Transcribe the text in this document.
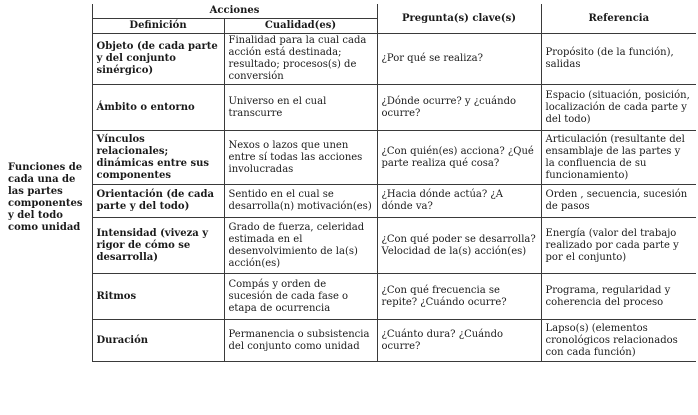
	Acciones		Pregunta(s) clave(s)	Referencia
	Definición	Cualidad(es)		
Funciones de cada una de las partes componentes y del todo como unidad	Objeto (de cada parte y del conjunto sinérgico)	Finalidad para la cual cada acción está destinada; resultado; procesos(s) de conversión	¿Por qué se realiza?	Propósito (de la función), salidas
	Ámbito o entorno	Universo en el cual transcurre	¿Dónde ocurre? y ¿cuándo ocurre?	Espacio (situación, posición, localización de cada parte y del todo)
	Vínculos relacionales; dinámicas entre sus componentes	Nexos o lazos que unen entre sí todas las acciones involucradas	¿Con quién(es) acciona? ¿Qué parte realiza qué cosa?	Articulación (resultante del ensamblaje de las partes y la confluencia de su funcionamiento)
	Orientación (de cada parte y del todo)	Sentido en el cual se desarrolla(n) motivación(es)	¿Hacia dónde actúa? ¿A dónde va?	Orden , secuencia, sucesión de pasos
	Intensidad (viveza y rigor de cómo se desarrolla)	Grado de fuerza, celeridad estimada en el desenvolvimiento de la(s) acción(es)	¿Con qué poder se desarrolla? Velocidad de la(s) acción(es)	Energía (valor del trabajo realizado por cada parte y por el conjunto)
	Ritmos	Compás y orden de sucesión de cada fase o etapa de ocurrencia	¿Con qué frecuencia se repite? ¿Cuándo ocurre?	Programa, regularidad y coherencia del proceso
	Duración	Permanencia o subsistencia del conjunto como unidad	¿Cuánto dura? ¿Cuándo ocurre?	Lapso(s) (elementos cronológicos relacionados con cada función)
